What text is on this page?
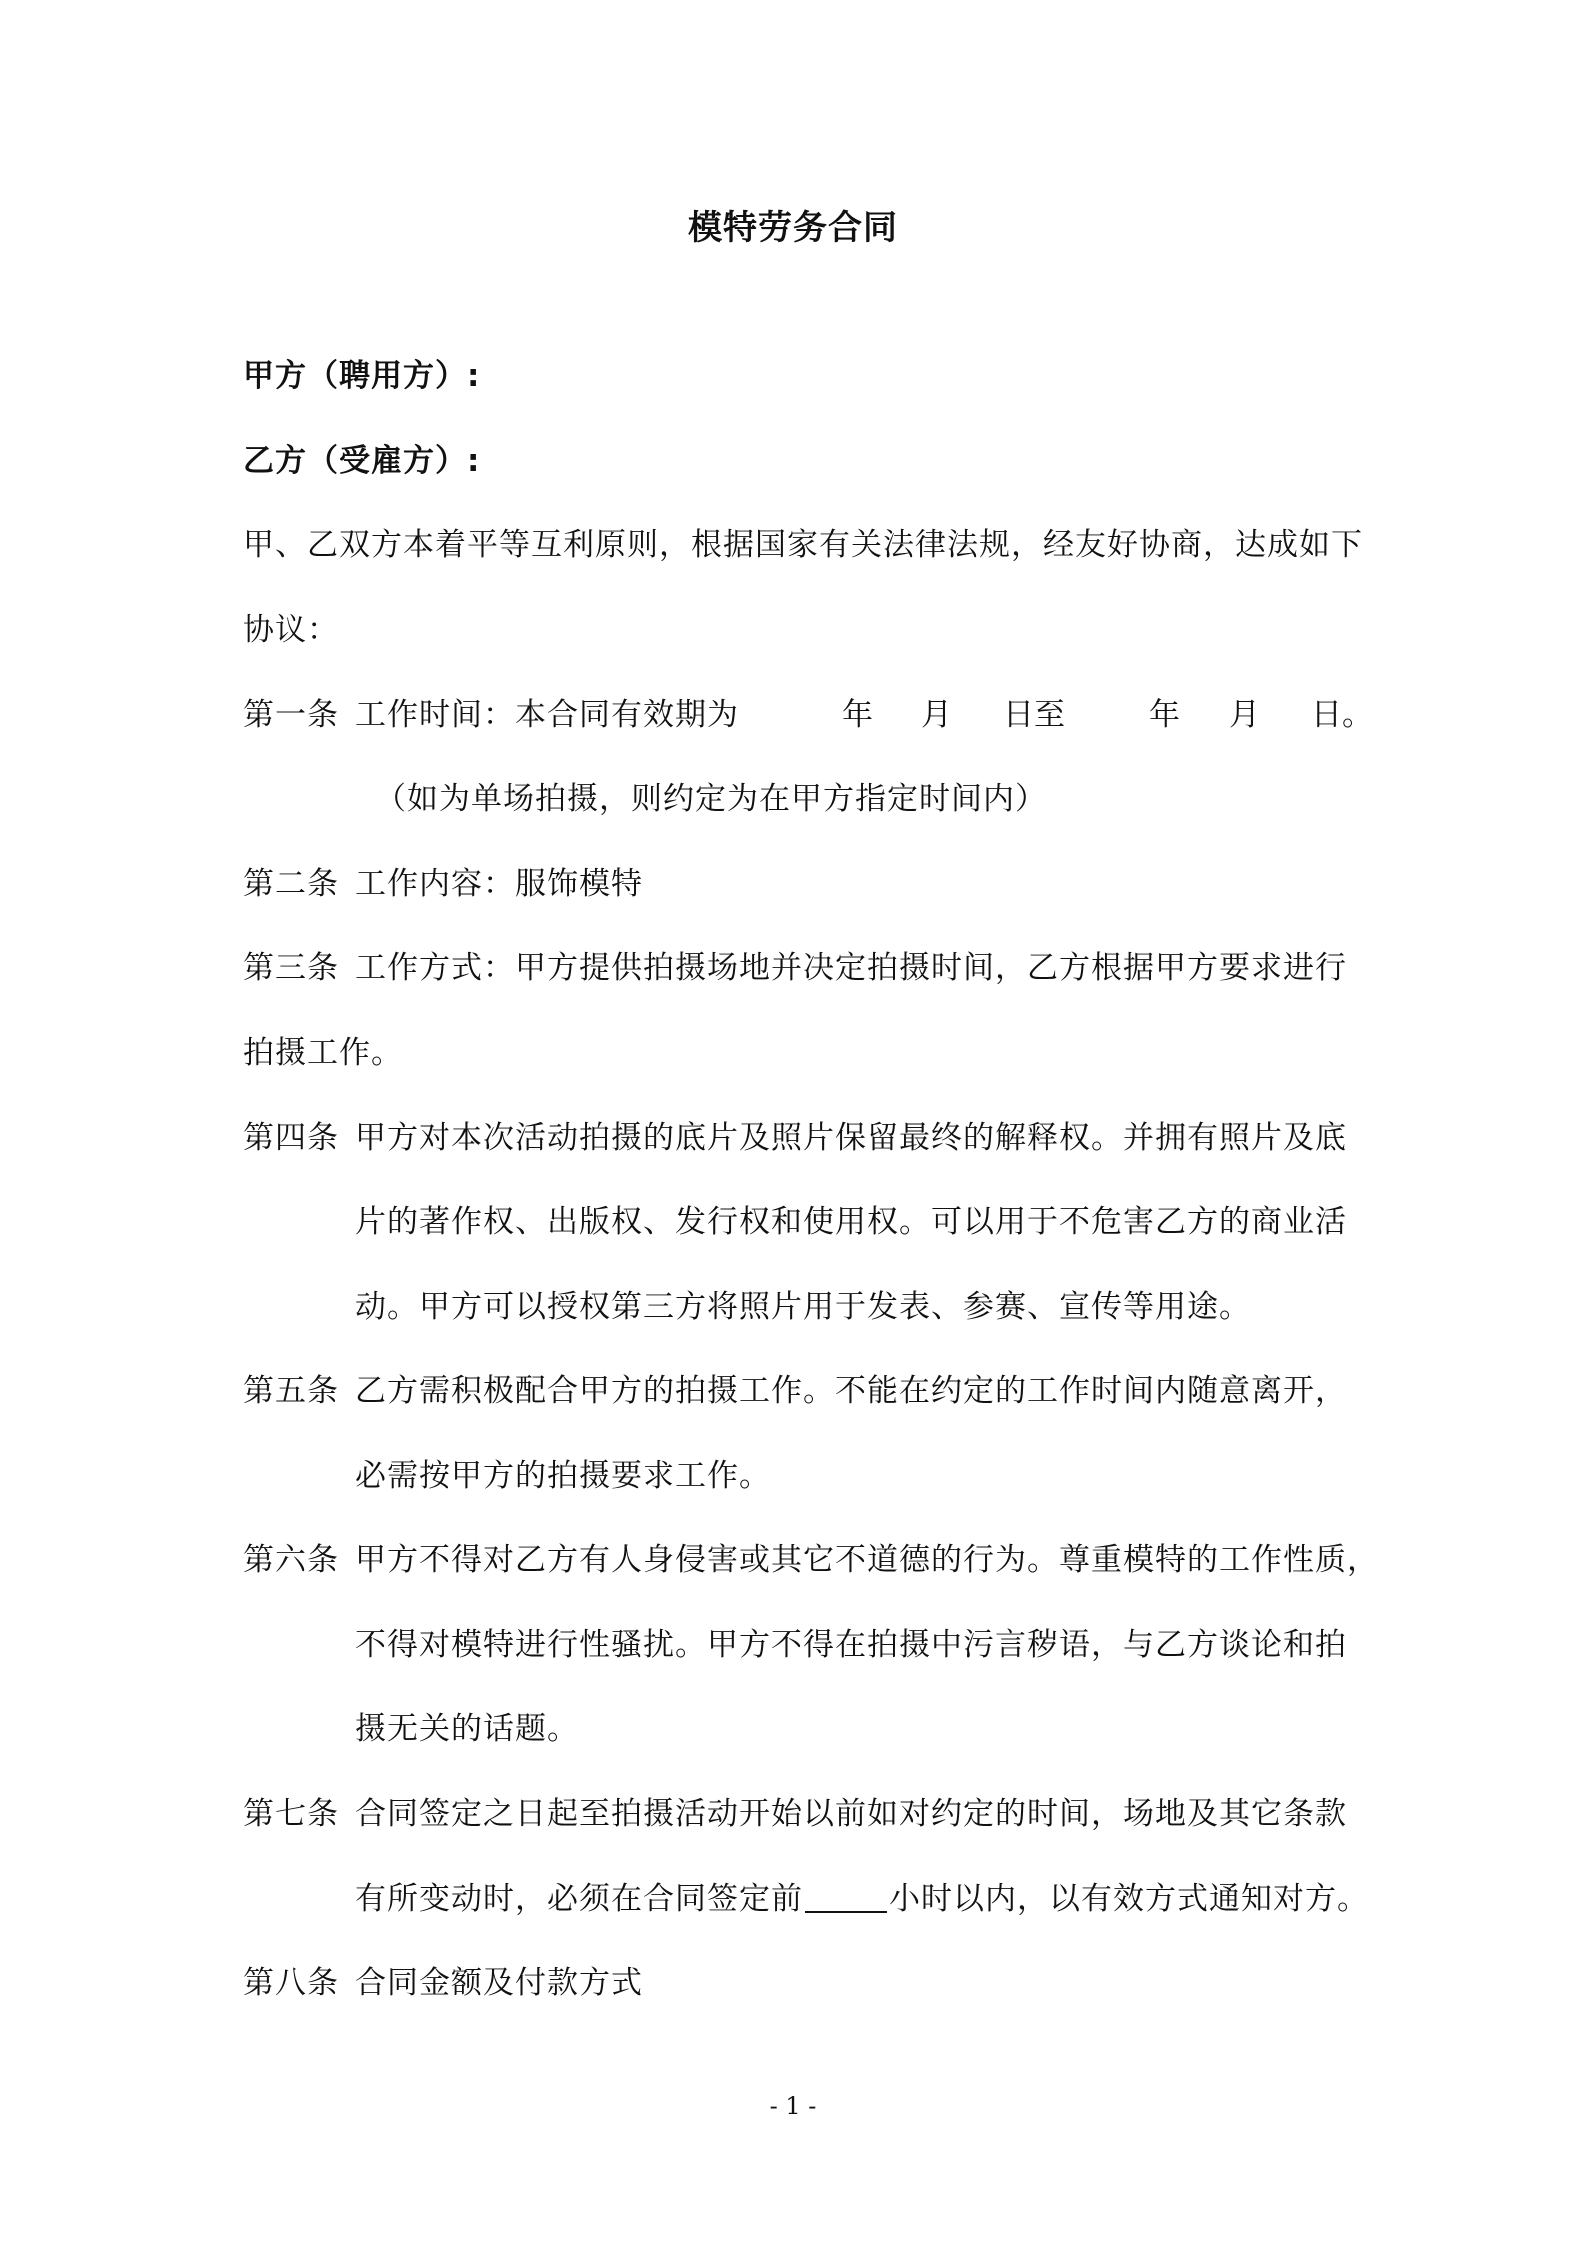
模特劳务合同
甲方（聘用方）:
乙方（受雇方）:
甲、乙双方本着平等互利原则，根据国家有关法律法规，经友好协商，达成如下
协议：
第一条 工作时间：本合同有效期为	年 月 日至	年 月 日。
（如为单场拍摄，则约定为在甲方指定时间内）
第二条 工作内容：服饰模特
第三条 工作方式：甲方提供拍摄场地并决定拍摄时间，乙方根据甲方要求进行
拍摄工作。
第四条 甲方对本次活动拍摄的底片及照片保留最终的解释权。并拥有照片及底
片的著作权、出版权、发行权和使用权。可以用于不危害乙方的商业活
动。甲方可以授权第三方将照片用于发表、参赛、宣传等用途。
第五条 乙方需积极配合甲方的拍摄工作。不能在约定的工作时间内随意离开，
必需按甲方的拍摄要求工作。
第六条 甲方不得对乙方有人身侵害或其它不道德的行为。尊重模特的工作性质，
不得对模特进行性骚扰。甲方不得在拍摄中污言秽语，与乙方谈论和拍
摄无关的话题。
第七条 合同签定之日起至拍摄活动开始以前如对约定的时间，场地及其它条款
有所变动时，必须在合同签定前	小时以内，以有效方式通知对方。
第八条 合同金额及付款方式
- 1 -
